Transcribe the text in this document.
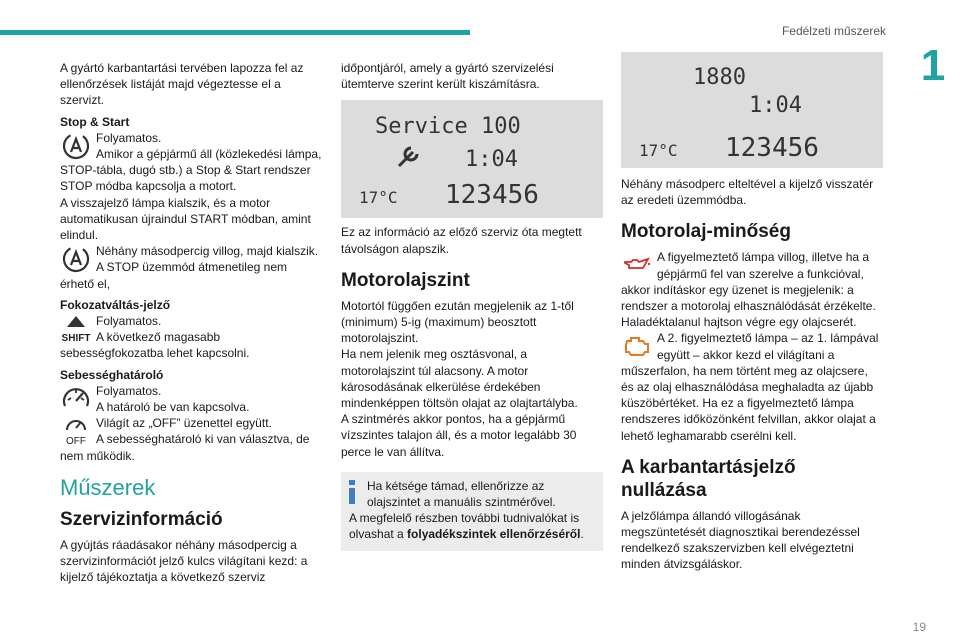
Fedélzeti műszerek
1

A gyártó karbantartási tervében lapozza fel az ellenőrzések listáját majd végeztesse el a szervizt.

Stop & Start

Folyamatos.
Amikor a gépjármű áll (közlekedési lámpa, STOP-tábla, dugó stb.) a Stop & Start rendszer STOP módba kapcsolja a motort.
A visszajelző lámpa kialszik, és a motor automatikusan újraindul START módban, amint elindul.

Néhány másodpercig villog, majd kialszik.
A STOP üzemmód átmenetileg nem érhető el,

Fokozatváltás-jelző

SHIFT

Folyamatos.
A következő magasabb sebességfokozatba lehet kapcsolni.

Sebességhatároló

Folyamatos.
A határoló be van kapcsolva.

OFF

Világít az „OFF” üzenettel együtt.
A sebességhatároló ki van választva, de nem működik.

Műszerek
Szervizinformáció

A gyújtás ráadásakor néhány másodpercig a szervizinformációt jelző kulcs világítani kezd: a kijelző tájékoztatja a következő szerviz

időpontjáról, amely a gyártó szervizelési ütemterve szerint került kiszámításra.

Service 100
1:04
17°C 123456

Ez az információ az előző szerviz óta megtett távolságon alapszik.

Motorolajszint

Motortól függően ezután megjelenik az 1-től (minimum) 5-ig (maximum) beosztott motorolajszint.
Ha nem jelenik meg osztásvonal, a motorolajszint túl alacsony. A motor károsodásának elkerülése érdekében mindenképpen töltsön olajat az olajtartályba.
A szintmérés akkor pontos, ha a gépjármű vízszintes talajon áll, és a motor legalább 30 perce le van állítva.

Ha kétsége támad, ellenőrizze az olajszintet a manuális szintmérővel.

A megfelelő részben további tudnivalókat is olvashat a folyadékszintek ellenőrzéséről.

1880
1:04
17°C 123456

Néhány másodperc elteltével a kijelző visszatér az eredeti üzemmódba.

Motorolaj-minőség

A figyelmeztető lámpa villog, illetve ha a gépjármű fel van szerelve a funkcióval, akkor indításkor egy üzenet is megjelenik: a rendszer a motorolaj elhasználódását érzékelte.
Haladéktalanul hajtson végre egy olajcserét.

A 2. figyelmeztető lámpa – az 1. lámpával együtt – akkor kezd el világítani a műszerfalon, ha nem történt meg az olajcsere, és az olaj elhasználódása meghaladta az újabb küszöbértéket. Ha ez a figyelmeztető lámpa rendszeres időközönként felvillan, akkor olajat a lehető leghamarabb cserélni kell.

A karbantartásjelző nullázása

A jelzőlámpa állandó villogásának megszüntetését diagnosztikai berendezéssel rendelkező szakszervizben kell elvégeztetni minden átvizsgáláskor.

19
